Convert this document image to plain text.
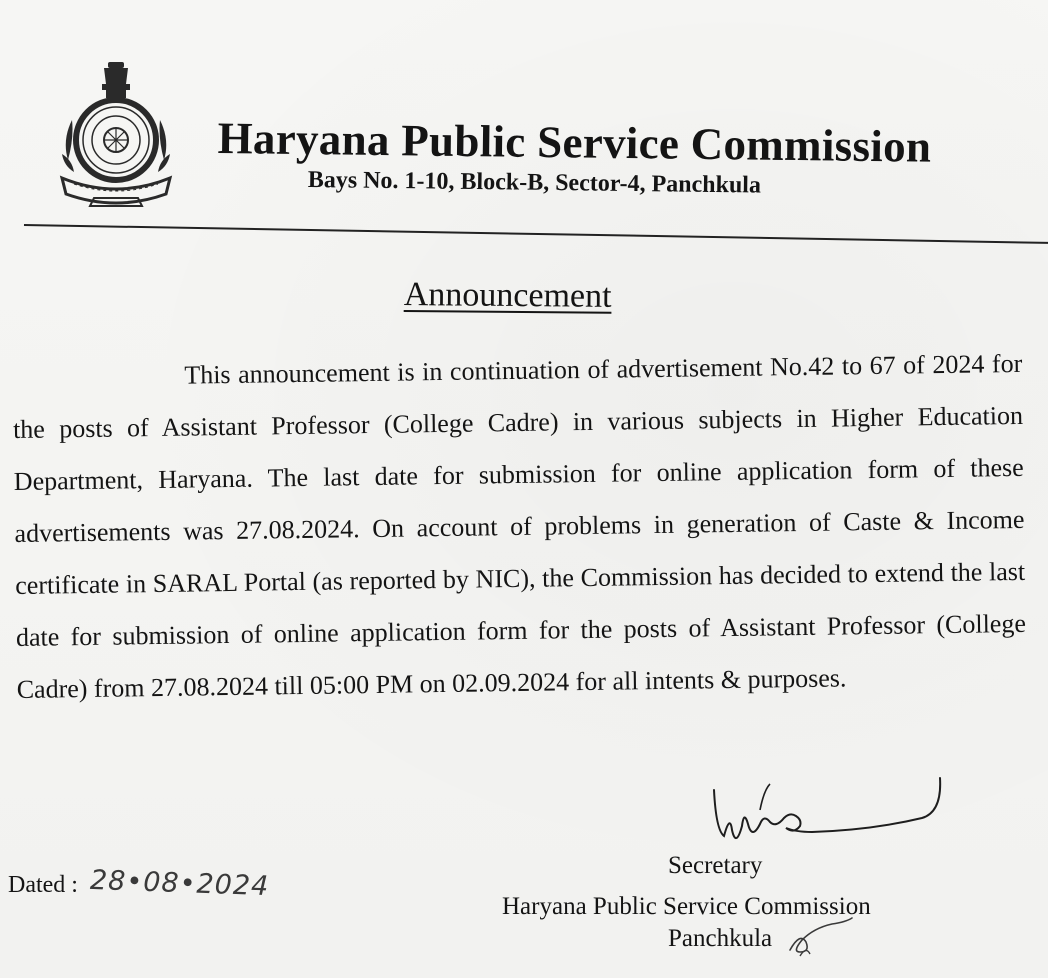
Haryana Public Service Commission
Bays No. 1-10, Block-B, Sector-4, Panchkula
Announcement
This announcement is in continuation of advertisement No.42 to 67 of 2024 for the posts of Assistant Professor (College Cadre) in various subjects in Higher Education Department, Haryana. The last date for submission for online application form of these advertisements was 27.08.2024. On account of problems in generation of Caste & Income certificate in SARAL Portal (as reported by NIC), the Commission has decided to extend the last date for submission of online application form for the posts of Assistant Professor (College Cadre) from 27.08.2024 till 05:00 PM on 02.09.2024 for all intents & purposes.
Dated : 28•08•2024	Secretary
Haryana Public Service Commission
Panchkula
